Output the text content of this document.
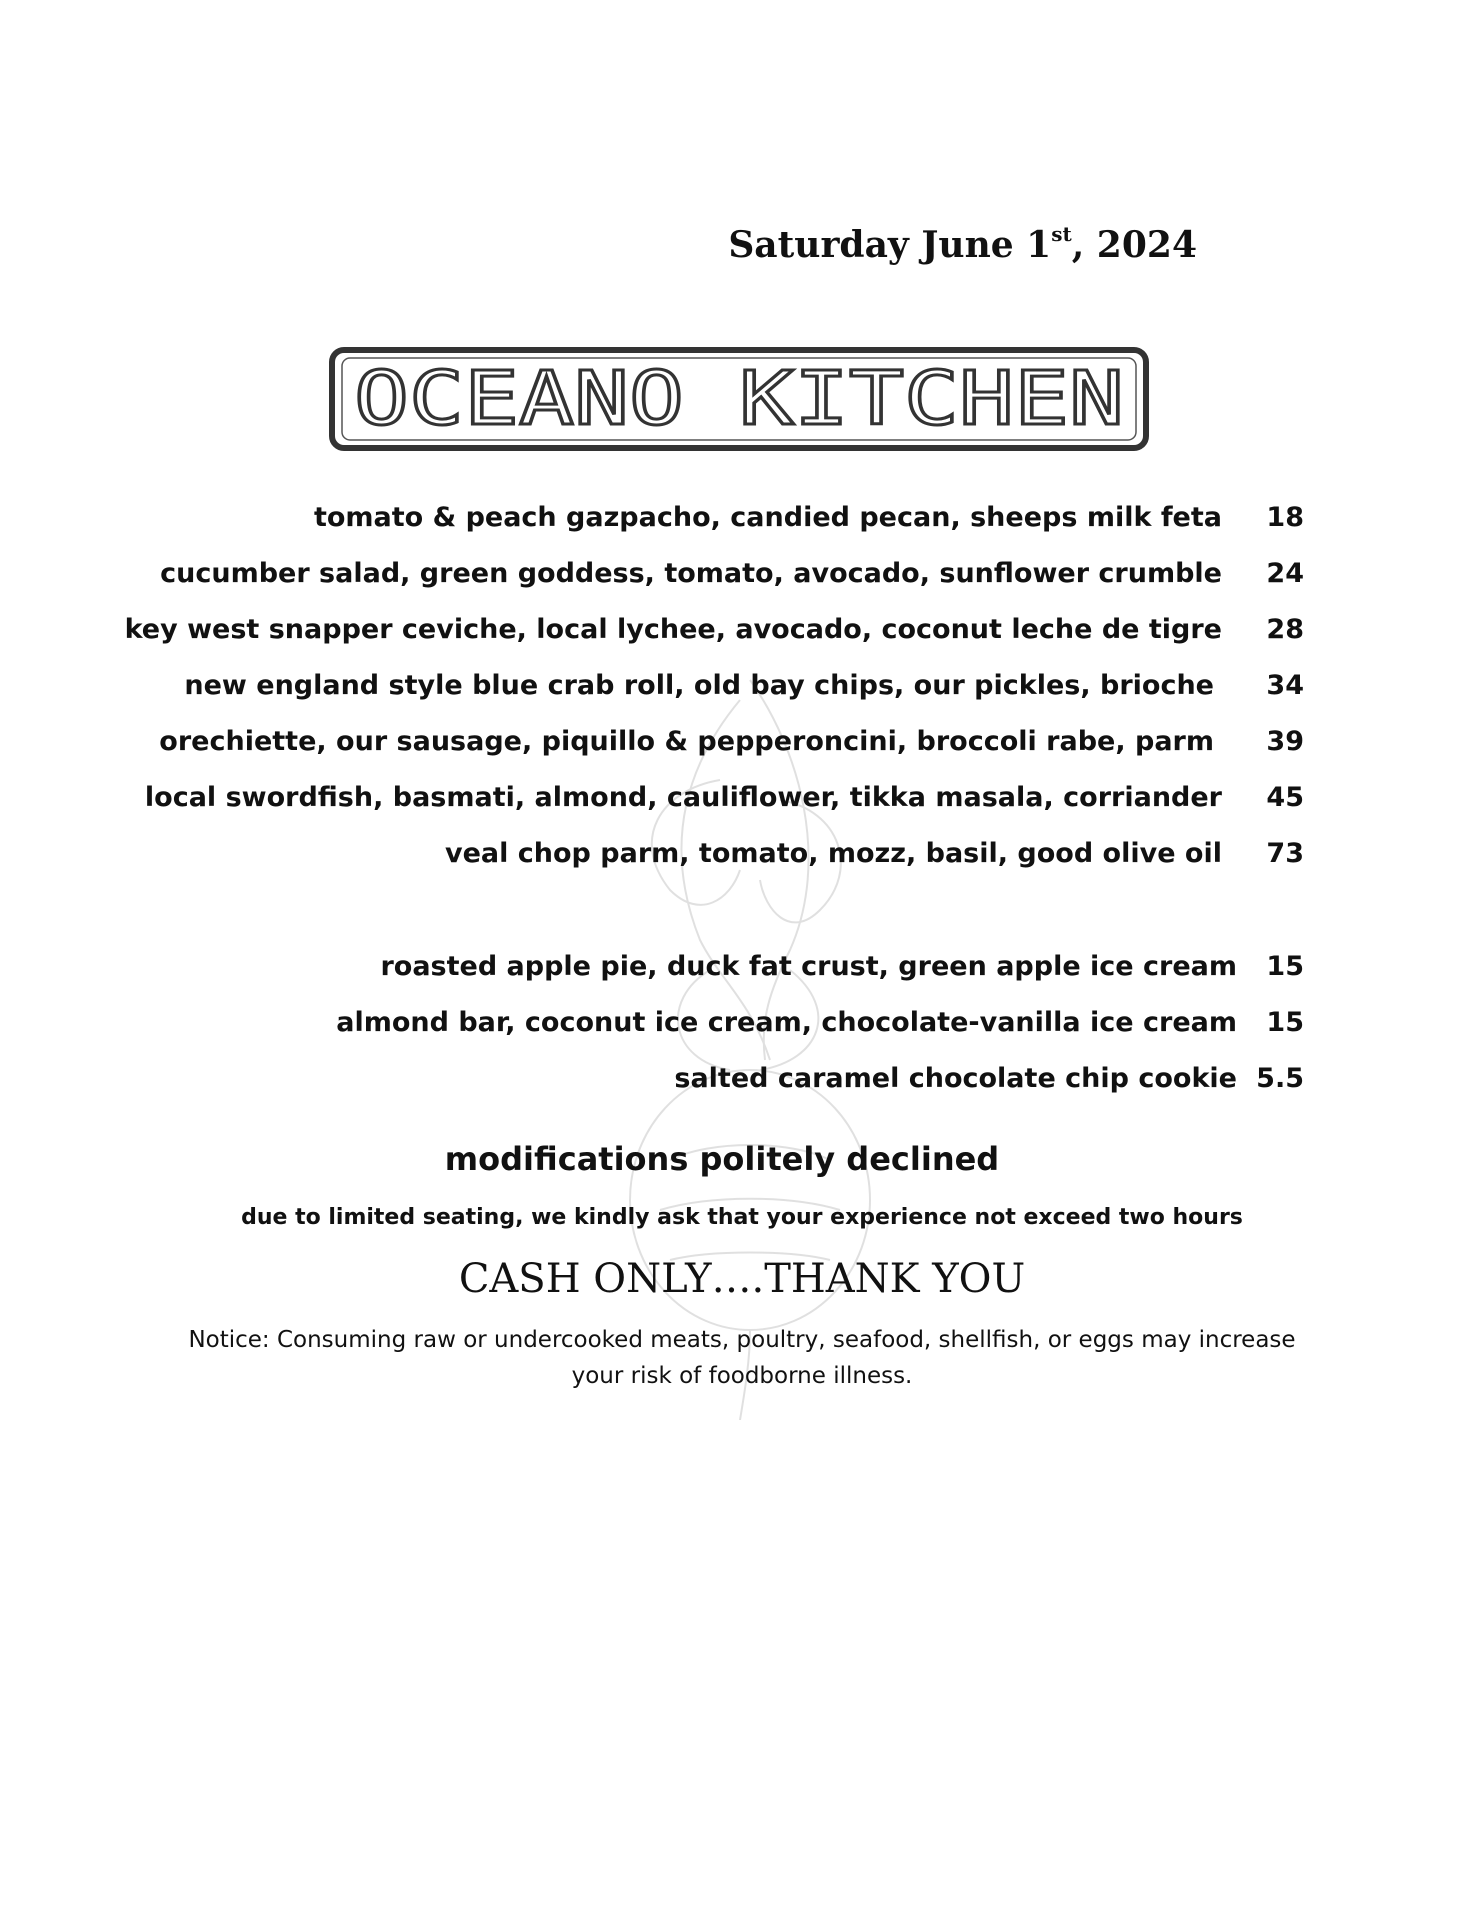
Saturday June 1st, 2024

OCEANO KITCHEN
tomato & peach gazpacho, candied pecan, sheeps milk feta 18
cucumber salad, green goddess, tomato, avocado, sunflower crumble 24
key west snapper ceviche, local lychee, avocado, coconut leche de tigre 28
new england style blue crab roll, old bay chips, our pickles, brioche 34
orechiette, our sausage, piquillo & pepperoncini, broccoli rabe, parm 39
local swordfish, basmati, almond, cauliflower, tikka masala, corriander 45
veal chop parm, tomato, mozz, basil, good olive oil 73
roasted apple pie, duck fat crust, green apple ice cream 15
almond bar, coconut ice cream, chocolate-vanilla ice cream 15
salted caramel chocolate chip cookie 5.5

modifications politely declined

due to limited seating, we kindly ask that your experience not exceed two hours

CASH ONLY….THANK YOU

Notice: Consuming raw or undercooked meats, poultry, seafood, shellfish, or eggs may increase your risk of foodborne illness.
